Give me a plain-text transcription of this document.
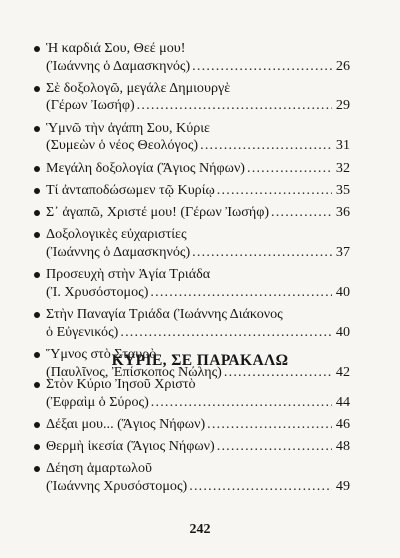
Ἡ καρδιά Σου, Θεέ μου!
(Ἰωάννης ὁ Δαμασκηνός) .....	26
Σὲ δοξολογῶ, μεγάλε Δημιουργὲ
(Γέρων Ἰωσήφ) .....	29
Ὑμνῶ τὴν ἀγάπη Σου, Κύριε
(Συμεὼν ὁ νέος Θεολόγος) .....	31
Μεγάλη δοξολογία (Ἅγιος Νήφων) .....	32
Τί ἀνταποδώσωμεν τῷ Κυρίῳ .....	35
Σ᾽ ἀγαπῶ, Χριστέ μου! (Γέρων Ἰωσήφ) .....	36
Δοξολογικὲς εὐχαριστίες
(Ἰωάννης ὁ Δαμασκηνός) .....	37
Προσευχὴ στὴν Ἁγία Τριάδα
(Ἰ. Χρυσόστομος) .....	40
Στὴν Παναγία Τριάδα (Ἰωάννης Διάκονος
ὁ Εὐγενικός) .....	40
Ὕμνος στὸ Σταυρὸ
(Παυλῖνος, Ἐπίσκοπος Νώλης) .....	42
ΚΥΡΙΕ, ΣΕ ΠΑΡΑΚΑΛΩ
Στὸν Κύριο Ἰησοῦ Χριστὸ
(Ἐφραὶμ ὁ Σύρος) .....	44
Δέξαι μου... (Ἅγιος Νήφων) .....	46
Θερμὴ ἱκεσία (Ἅγιος Νήφων) .....	48
Δέηση ἁμαρτωλοῦ
(Ἰωάννης Χρυσόστομος) .....	49
242
